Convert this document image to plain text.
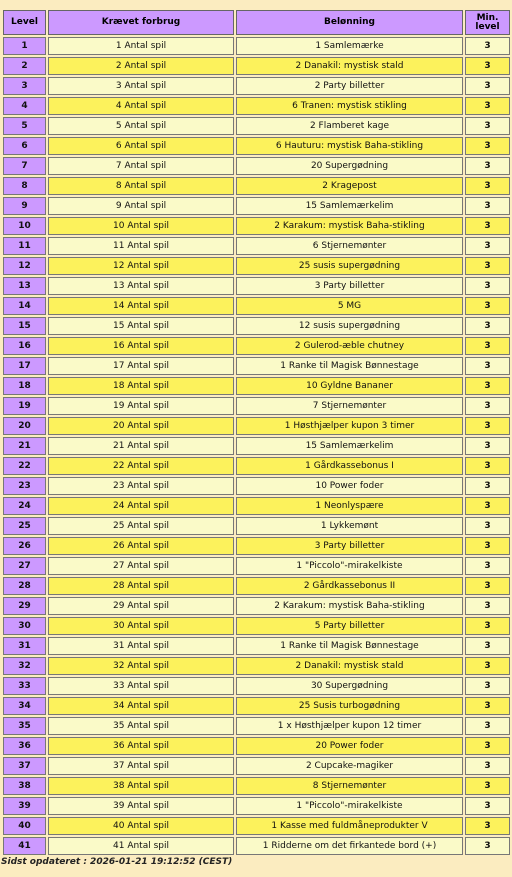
Level	Krævet forbrug	Belønning	Min. level
1	1 Antal spil	1 Samlemærke	3
2	2 Antal spil	2 Danakil: mystisk stald	3
3	3 Antal spil	2 Party billetter	3
4	4 Antal spil	6 Tranen: mystisk stikling	3
5	5 Antal spil	2 Flamberet kage	3
6	6 Antal spil	6 Hauturu: mystisk Baha-stikling	3
7	7 Antal spil	20 Supergødning	3
8	8 Antal spil	2 Kragepost	3
9	9 Antal spil	15 Samlemærkelim	3
10	10 Antal spil	2 Karakum: mystisk Baha-stikling	3
11	11 Antal spil	6 Stjernemønter	3
12	12 Antal spil	25 susis supergødning	3
13	13 Antal spil	3 Party billetter	3
14	14 Antal spil	5 MG	3
15	15 Antal spil	12 susis supergødning	3
16	16 Antal spil	2 Gulerod-æble chutney	3
17	17 Antal spil	1 Ranke til Magisk Bønnestage	3
18	18 Antal spil	10 Gyldne Bananer	3
19	19 Antal spil	7 Stjernemønter	3
20	20 Antal spil	1 Høsthjælper kupon 3 timer	3
21	21 Antal spil	15 Samlemærkelim	3
22	22 Antal spil	1 Gårdkassebonus I	3
23	23 Antal spil	10 Power foder	3
24	24 Antal spil	1 Neonlyspære	3
25	25 Antal spil	1 Lykkemønt	3
26	26 Antal spil	3 Party billetter	3
27	27 Antal spil	1 "Piccolo"-mirakelkiste	3
28	28 Antal spil	2 Gårdkassebonus II	3
29	29 Antal spil	2 Karakum: mystisk Baha-stikling	3
30	30 Antal spil	5 Party billetter	3
31	31 Antal spil	1 Ranke til Magisk Bønnestage	3
32	32 Antal spil	2 Danakil: mystisk stald	3
33	33 Antal spil	30 Supergødning	3
34	34 Antal spil	25 Susis turbogødning	3
35	35 Antal spil	1 x Høsthjælper kupon 12 timer	3
36	36 Antal spil	20 Power foder	3
37	37 Antal spil	2 Cupcake-magiker	3
38	38 Antal spil	8 Stjernemønter	3
39	39 Antal spil	1 "Piccolo"-mirakelkiste	3
40	40 Antal spil	1 Kasse med fuldmåneprodukter V	3
41	41 Antal spil	1 Ridderne om det firkantede bord (+)	3
Sidst opdateret : 2026-01-21 19:12:52 (CEST)
